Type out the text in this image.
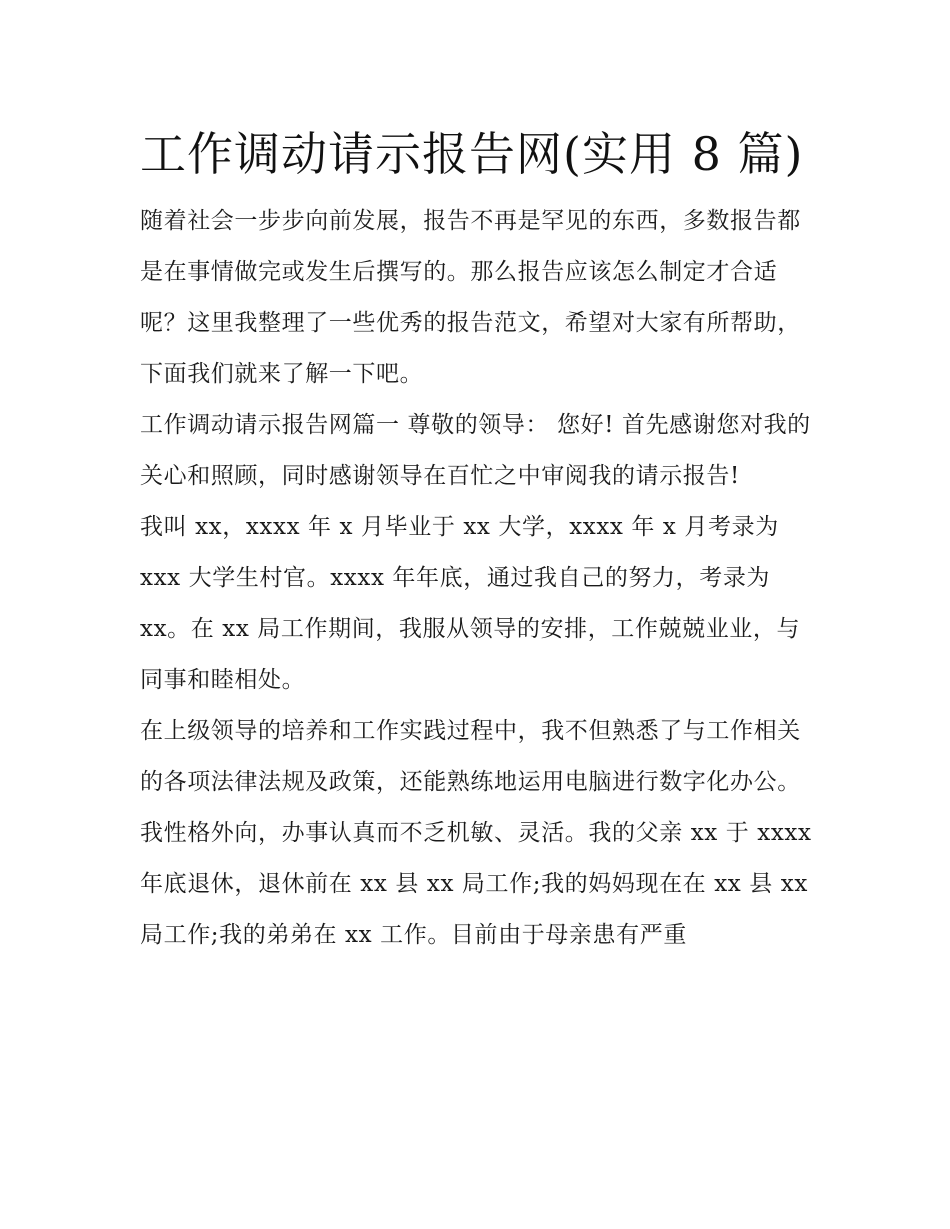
工作调动请示报告网(实用 8 篇)

随着社会一步步向前发展，报告不再是罕见的东西，多数报告都是在事情做完或发生后撰写的。那么报告应该怎么制定才合适呢？这里我整理了一些优秀的报告范文，希望对大家有所帮助，下面我们就来了解一下吧。

工作调动请示报告网篇一 尊敬的领导： 您好! 首先感谢您对我的关心和照顾，同时感谢领导在百忙之中审阅我的请示报告!

我叫 xx，xxxx 年 x 月毕业于 xx 大学，xxxx 年 x 月考录为 xxx 大学生村官。xxxx 年年底，通过我自己的努力，考录为 xx。在 xx 局工作期间，我服从领导的安排，工作兢兢业业，与同事和睦相处。

在上级领导的培养和工作实践过程中，我不但熟悉了与工作相关的各项法律法规及政策，还能熟练地运用电脑进行数字化办公。我性格外向，办事认真而不乏机敏、灵活。我的父亲 xx 于 xxxx 年底退休，退休前在 xx 县 xx 局工作;我的妈妈现在在 xx 县 xx 局工作;我的弟弟在 xx 工作。目前由于母亲患有严重
